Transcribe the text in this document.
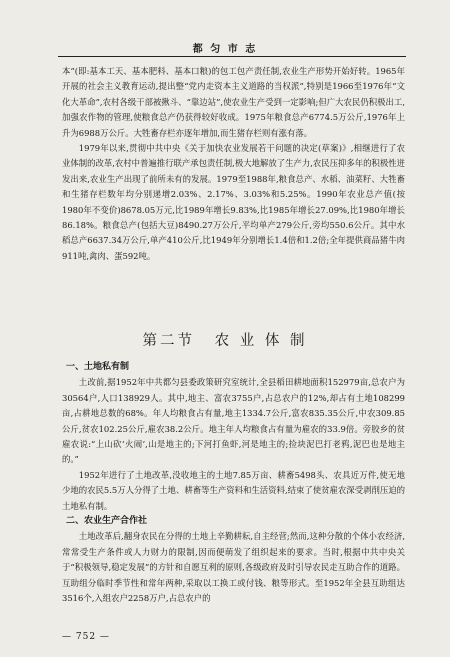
都 匀 市 志

本”(即:基本工天、基本肥料、基本口粮)的包工包产责任制,农业生产形势开始好转。1965年开展的社会主义教育运动,提出整“党内走资本主义道路的当权派”,特别是1966至1976年“文化大革命”,农村各级干部被揪斗、“靠边站”,使农业生产受到一定影响;但广大农民仍积极出工,加强农作物的管理,使粮食总产仍获得较好收成。1975年粮食总产6774.5万公斤,1976年上升为6988万公斤。大牲畜存栏亦逐年增加,而生猪存栏则有涨有落。

1979年以来,贯彻中共中央《关于加快农业发展若干问题的决定(草案)》,相继进行了农业体制的改革,农村中普遍推行联产承包责任制,极大地解放了生产力,农民压抑多年的积极性迸发出来,农业生产出现了前所未有的发展。1979至1988年,粮食总产、水稻、油菜籽、大牲畜和生猪存栏数年均分别递增2.03%、2.17%、3.03%和5.25%。1990年农业总产值(按1980年不变价)8678.05万元,比1989年增长9.83%,比1985年增长27.09%,比1980年增长86.18%。粮食总产(包括大豆)8490.27万公斤,平均单产279公斤,旁均550.6公斤。其中水稻总产6637.34万公斤,单产410公斤,比1949年分别增长1.4倍和1.2倍;全年提供商品猪牛肉911吨,禽肉、蛋592吨。

第二节 农 业 体 制
一、土地私有制

土改前,据1952年中共都匀县委政策研究室统计,全县稻田耕地面积152979亩,总农户为30564户,人口138929人。其中,地主、富农3755户,占总农户的12%,却占有土地108299亩,占耕地总数的68%。年人均粮食占有量,地主1334.7公斤,富农835.35公斤,中农309.85公斤,贫农102.25公斤,雇农38.2公斤。地主年人均粮食占有量为雇农的33.9倍。旁胶乡的贫雇农说:“上山砍‘火闹’,山是地主的;下河打鱼虾,河是地主的;捡块泥巴打老鸦,泥巴也是地主的。”

1952年进行了土地改革,没收地主的土地7.85万亩、耕畜5498头、农具近万件,使无地少地的农民5.5万人分得了土地、耕畜等生产资料和生活资料,结束了使贫雇农深受剥削压迫的土地私有制。

二、农业生产合作社

土地改革后,翻身农民在分得的土地上辛勤耕耘,自主经营;然而,这种分散的个体小农经济,常常受生产条件或人力财力的限制,因而便萌发了组织起来的要求。当时,根据中共中央关于“积极领导,稳定发展”的方针和自愿互利的原则,各级政府及时引导农民走互助合作的道路。互助组分临时季节性和常年两种,采取以工换工或付钱、粮等形式。至1952年全县互助组达3516个,入组农户2258万户,占总农户的

— 752 —
